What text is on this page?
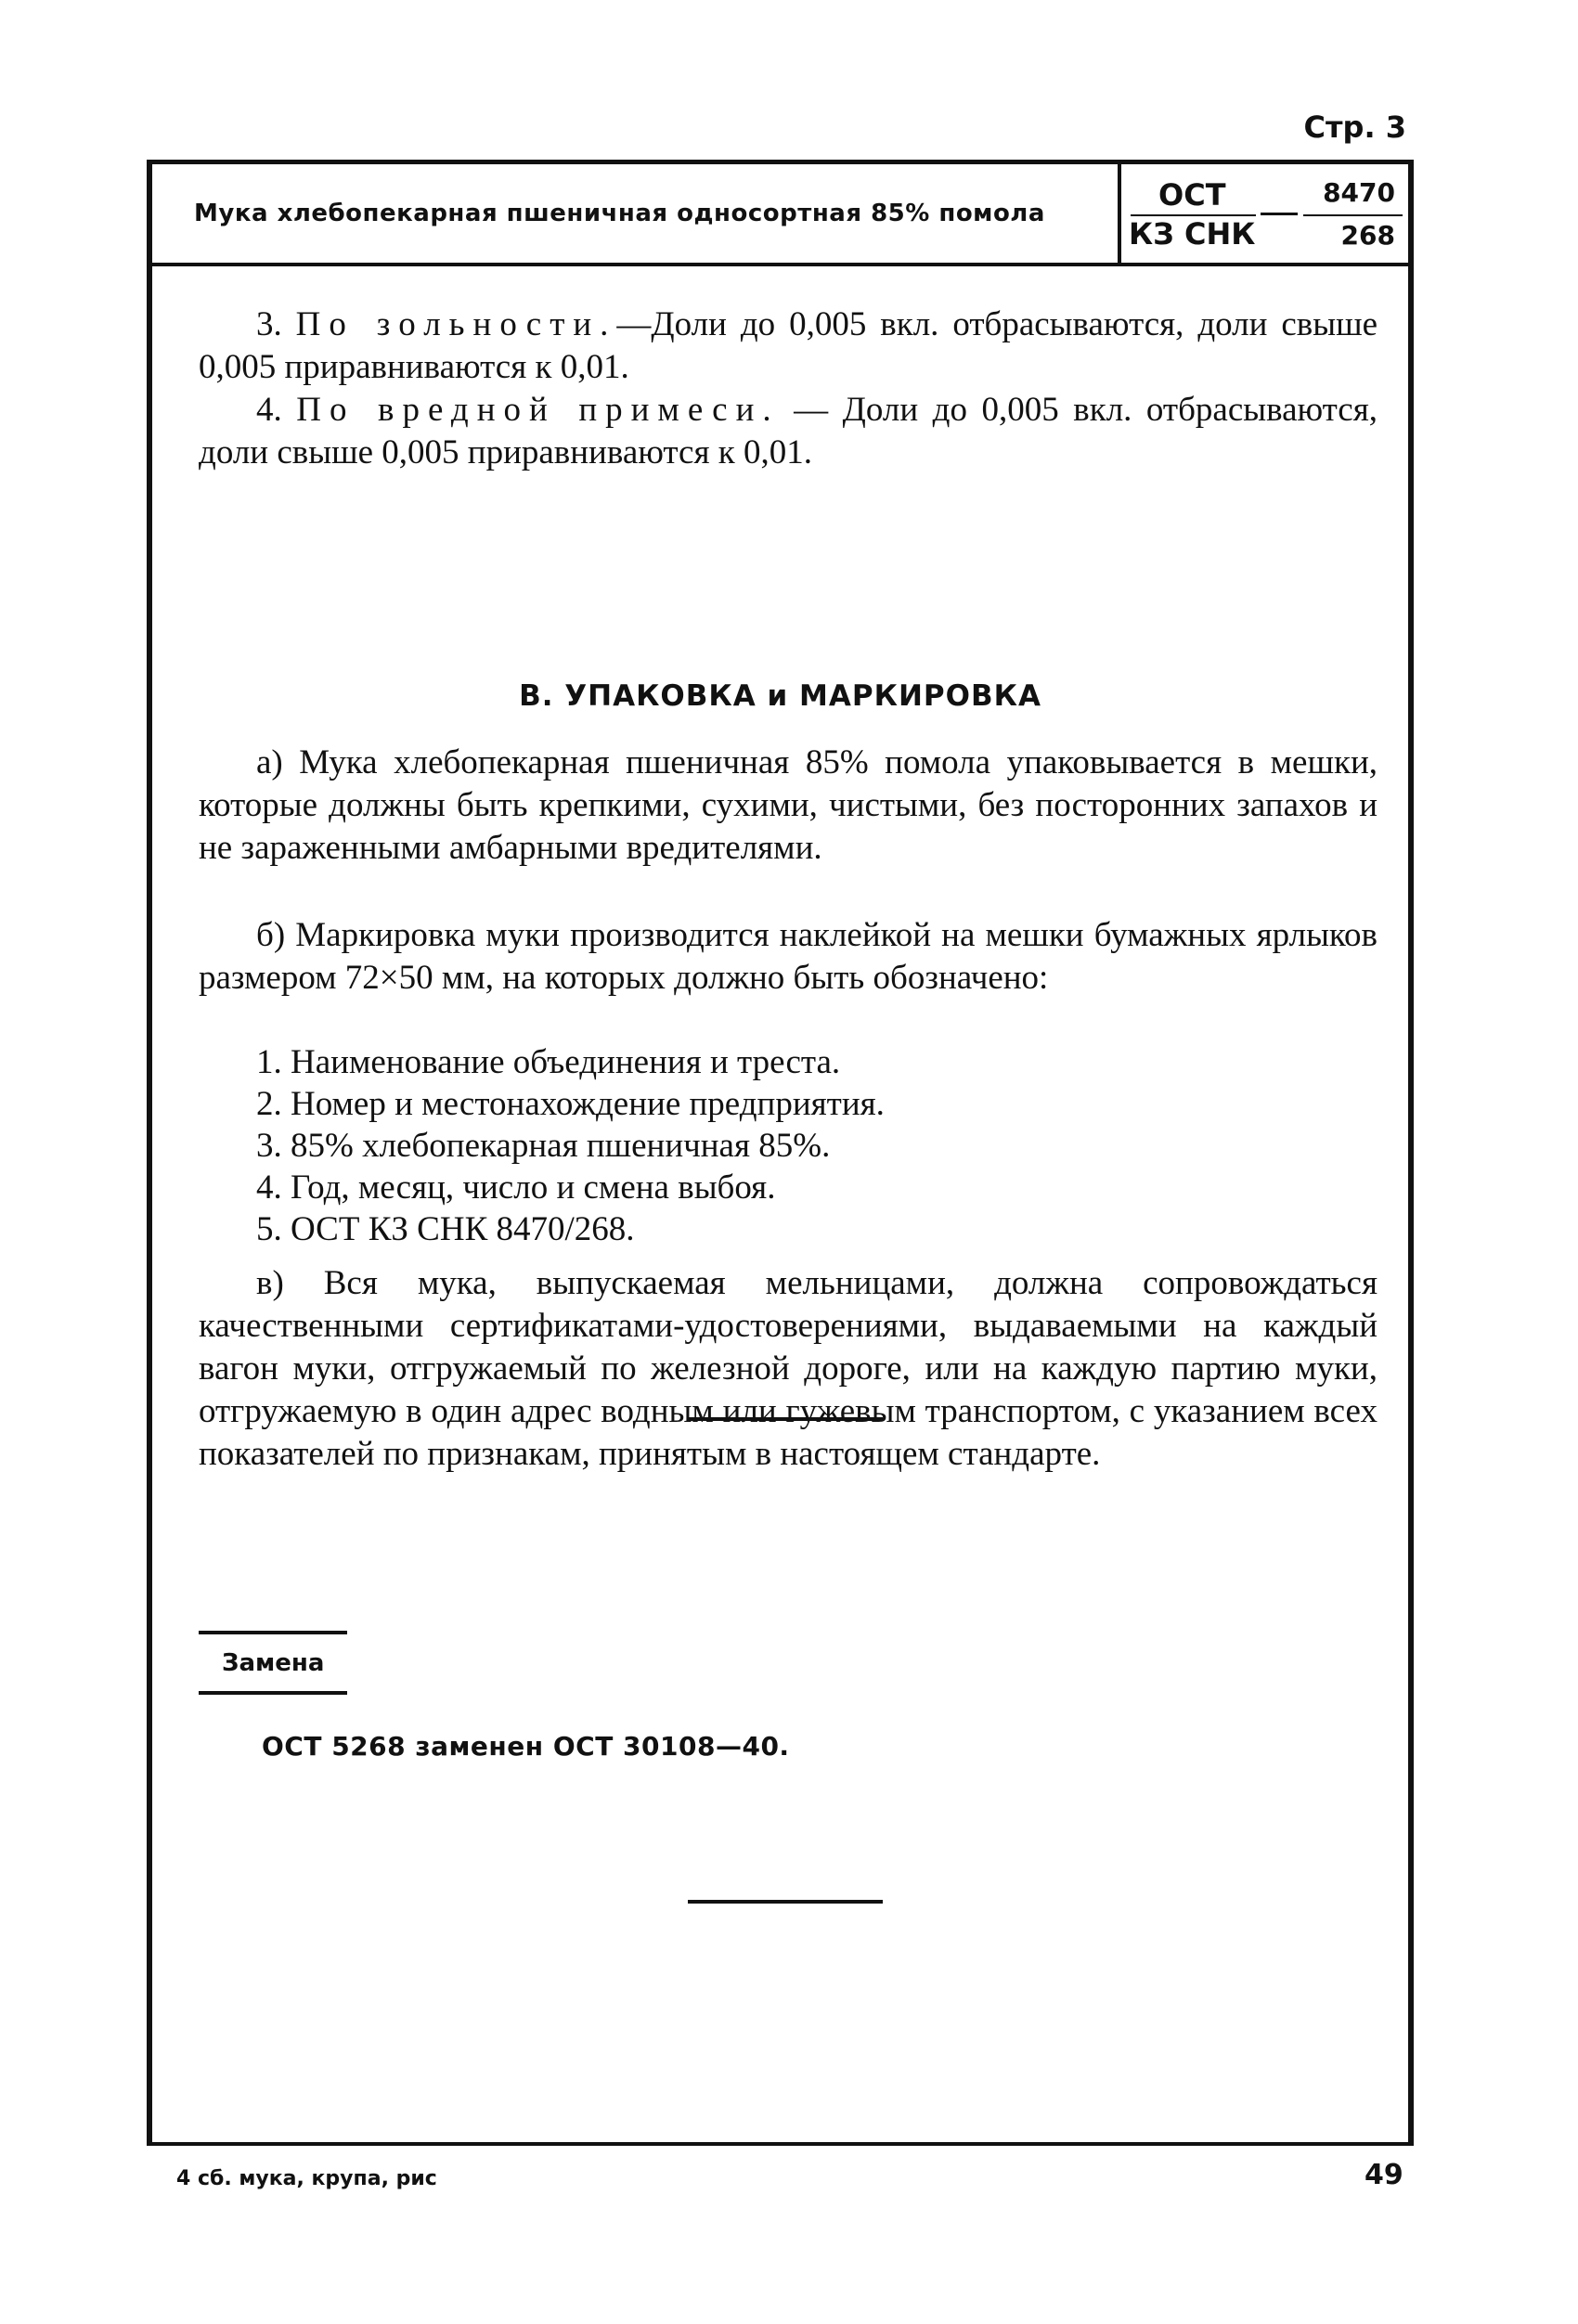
Стр. 3
Мука хлебопекарная пшеничная односортная 85% помола
ОСТ
КЗ СНК
8470
268

3. По зольности.—Доли до 0,005 вкл. отбрасываются, доли свыше 0,005 приравниваются к 0,01.

4. По вредной примеси. — Доли до 0,005 вкл. отбрасываются, доли свыше 0,005 приравниваются к 0,01.

В. УПАКОВКА и МАРКИРОВКА

а) Мука хлебопекарная пшеничная 85% помола упаковывается в мешки, которые должны быть крепкими, сухими, чистыми, без посторонних запахов и не зараженными амбарными вредителями.

б) Маркировка муки производится наклейкой на мешки бумажных ярлыков размером 72×50 мм, на которых должно быть обозначено:

1. Наименование объединения и треста.
2. Номер и местонахождение предприятия.
3. 85% хлебопекарная пшеничная 85%.
4. Год, месяц, число и смена выбоя.
5. ОСТ КЗ СНК 8470/268.

в) Вся мука, выпускаемая мельницами, должна сопровождаться качественными сертификатами-удостоверениями, выдаваемыми на каждый вагон муки, отгружаемый по железной дороге, или на каждую партию муки, отгружаемую в один адрес водным или гужевым транспортом, с указанием всех показателей по признакам, принятым в настоящем стандарте.

Замена
ОСТ 5268 заменен ОСТ 30108—40.
4 сб. мука, крупа, рис	49
